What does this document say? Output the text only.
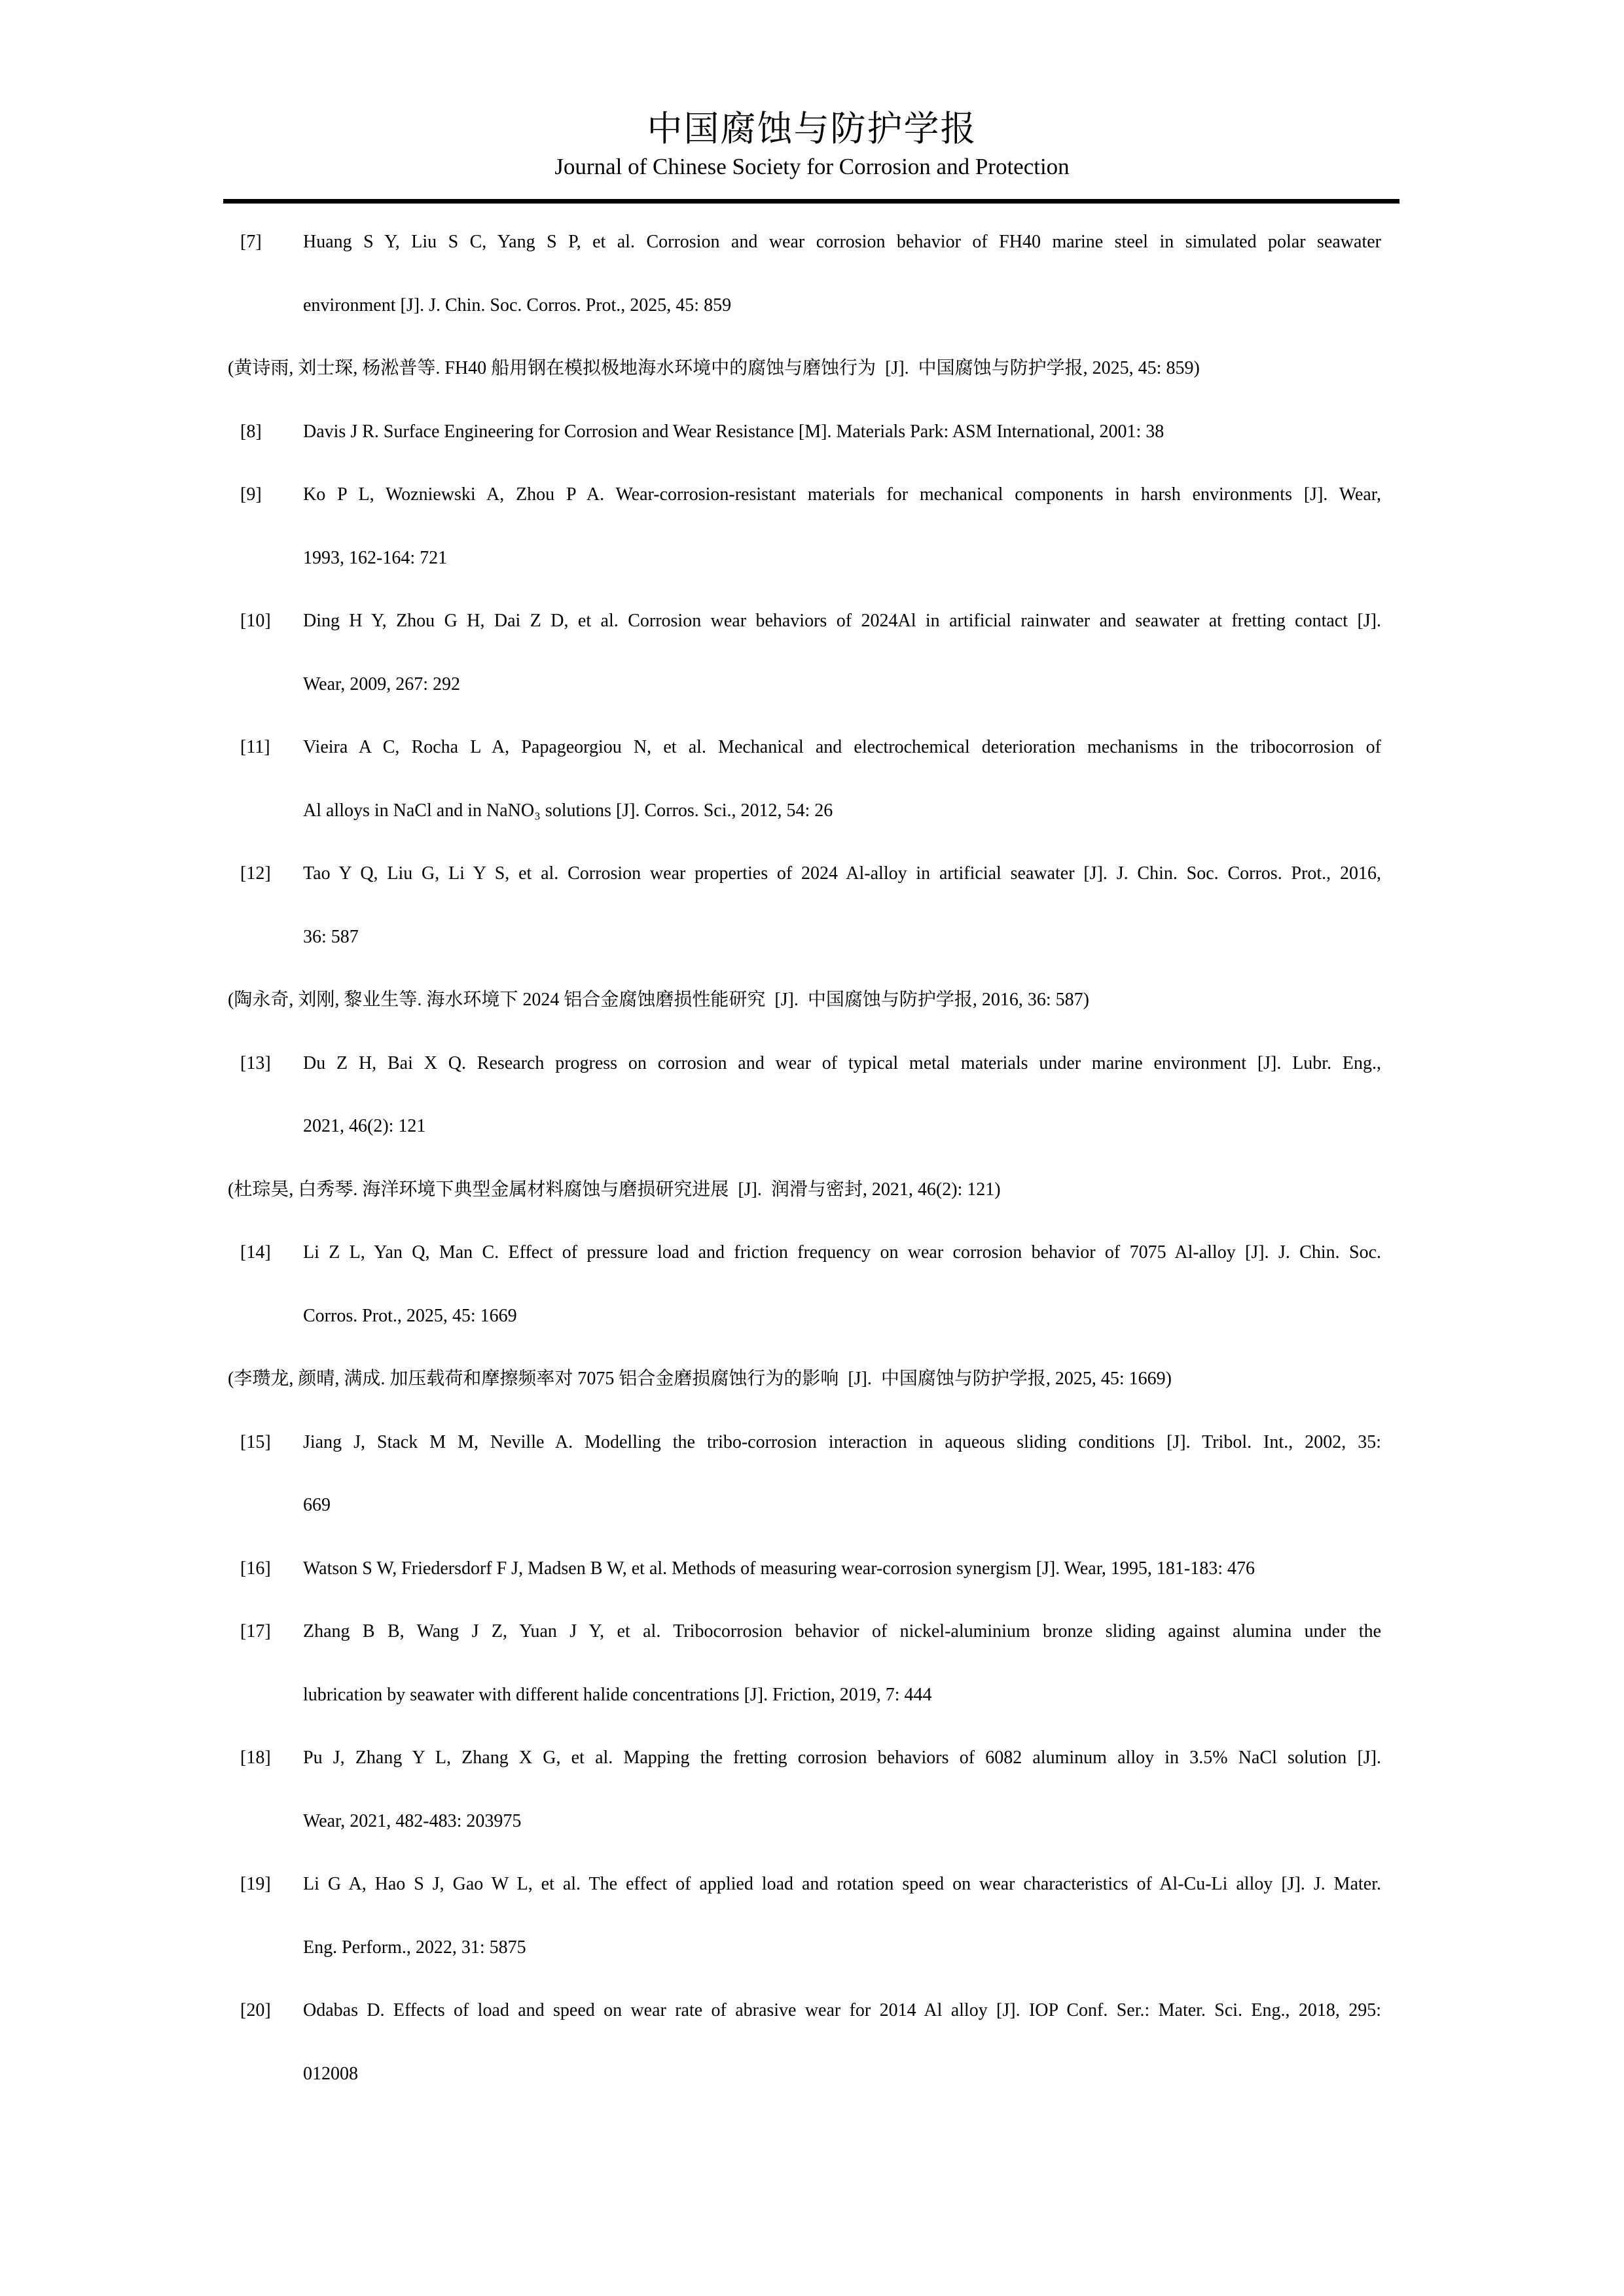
中国腐蚀与防护学报
Journal of Chinese Society for Corrosion and Protection
[7] Huang S Y, Liu S C, Yang S P, et al. Corrosion and wear corrosion behavior of FH40 marine steel in simulated polar seawater
environment [J]. J. Chin. Soc. Corros. Prot., 2025, 45: 859
(黄诗雨, 刘士琛, 杨淞普等. FH40 船用钢在模拟极地海水环境中的腐蚀与磨蚀行为  [J].  中国腐蚀与防护学报, 2025, 45: 859)
[8] Davis J R. Surface Engineering for Corrosion and Wear Resistance [M]. Materials Park: ASM International, 2001: 38
[9] Ko P L, Wozniewski A, Zhou P A. Wear-corrosion-resistant materials for mechanical components in harsh environments [J]. Wear,
1993, 162-164: 721
[10] Ding H Y, Zhou G H, Dai Z D, et al. Corrosion wear behaviors of 2024Al in artificial rainwater and seawater at fretting contact [J].
Wear, 2009, 267: 292
[11] Vieira A C, Rocha L A, Papageorgiou N, et al. Mechanical and electrochemical deterioration mechanisms in the tribocorrosion of
Al alloys in NaCl and in NaNO₃ solutions [J]. Corros. Sci., 2012, 54: 26
[12] Tao Y Q, Liu G, Li Y S, et al. Corrosion wear properties of 2024 Al-alloy in artificial seawater [J]. J. Chin. Soc. Corros. Prot., 2016,
36: 587
(陶永奇, 刘刚, 黎业生等. 海水环境下 2024 铝合金腐蚀磨损性能研究  [J].  中国腐蚀与防护学报, 2016, 36: 587)
[13] Du Z H, Bai X Q. Research progress on corrosion and wear of typical metal materials under marine environment [J]. Lubr. Eng.,
2021, 46(2): 121
(杜琮昊, 白秀琴. 海洋环境下典型金属材料腐蚀与磨损研究进展  [J].  润滑与密封, 2021, 46(2): 121)
[14] Li Z L, Yan Q, Man C. Effect of pressure load and friction frequency on wear corrosion behavior of 7075 Al-alloy [J]. J. Chin. Soc.
Corros. Prot., 2025, 45: 1669
(李瓒龙, 颜晴, 满成. 加压载荷和摩擦频率对 7075 铝合金磨损腐蚀行为的影响  [J].  中国腐蚀与防护学报, 2025, 45: 1669)
[15] Jiang J, Stack M M, Neville A. Modelling the tribo-corrosion interaction in aqueous sliding conditions [J]. Tribol. Int., 2002, 35:
669
[16] Watson S W, Friedersdorf F J, Madsen B W, et al. Methods of measuring wear-corrosion synergism [J]. Wear, 1995, 181-183: 476
[17] Zhang B B, Wang J Z, Yuan J Y, et al. Tribocorrosion behavior of nickel-aluminium bronze sliding against alumina under the
lubrication by seawater with different halide concentrations [J]. Friction, 2019, 7: 444
[18] Pu J, Zhang Y L, Zhang X G, et al. Mapping the fretting corrosion behaviors of 6082 aluminum alloy in 3.5% NaCl solution [J].
Wear, 2021, 482-483: 203975
[19] Li G A, Hao S J, Gao W L, et al. The effect of applied load and rotation speed on wear characteristics of Al-Cu-Li alloy [J]. J. Mater.
Eng. Perform., 2022, 31: 5875
[20] Odabas D. Effects of load and speed on wear rate of abrasive wear for 2014 Al alloy [J]. IOP Conf. Ser.: Mater. Sci. Eng., 2018, 295:
012008
